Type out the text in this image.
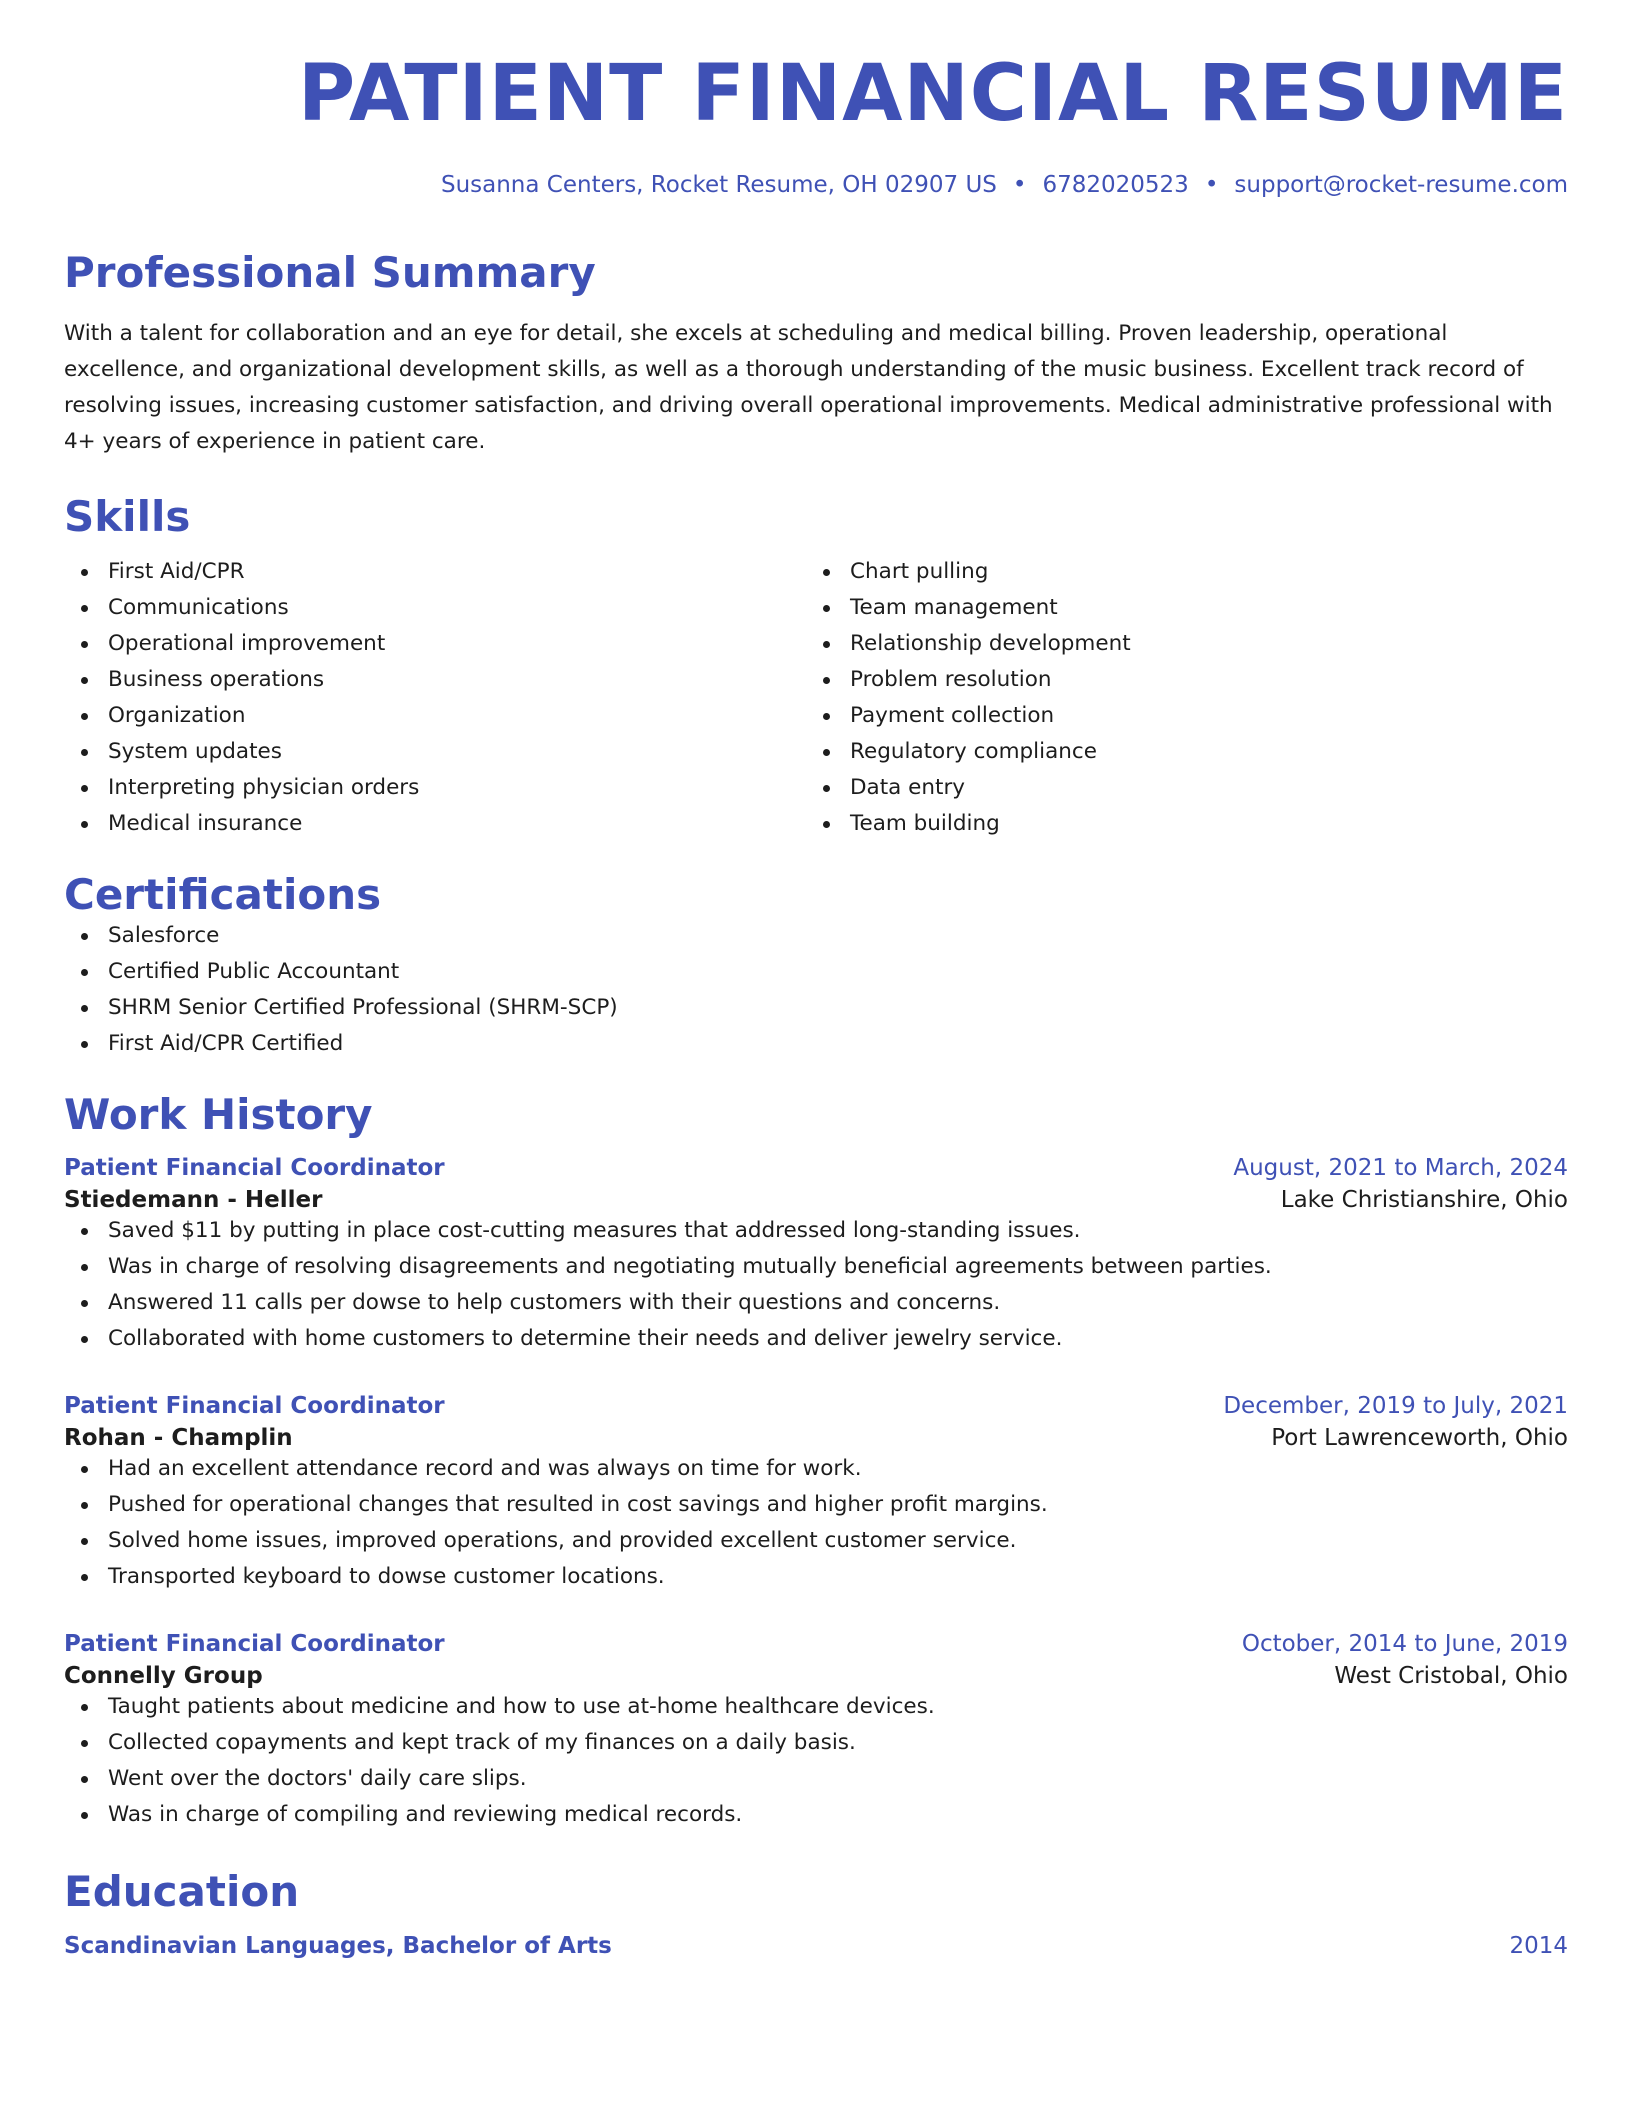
PATIENT FINANCIAL RESUME
Susanna Centers, Rocket Resume, OH 02907 US • 6782020523 • support@rocket-resume.com
Professional Summary

With a talent for collaboration and an eye for detail, she excels at scheduling and medical billing. Proven leadership, operational excellence, and organizational development skills, as well as a thorough understanding of the music business. Excellent track record of resolving issues, increasing customer satisfaction, and driving overall operational improvements. Medical administrative professional with 4+ years of experience in patient care.

Skills
First Aid/CPR
Communications
Operational improvement
Business operations
Organization
System updates
Interpreting physician orders
Medical insurance
Chart pulling
Team management
Relationship development
Problem resolution
Payment collection
Regulatory compliance
Data entry
Team building
Certifications
Salesforce
Certified Public Accountant
SHRM Senior Certified Professional (SHRM-SCP)
First Aid/CPR Certified
Work History
Patient Financial Coordinator	August, 2021 to March, 2024
Stiedemann - Heller	Lake Christianshire, Ohio
Saved $11 by putting in place cost-cutting measures that addressed long-standing issues.
Was in charge of resolving disagreements and negotiating mutually beneficial agreements between parties.
Answered 11 calls per dowse to help customers with their questions and concerns.
Collaborated with home customers to determine their needs and deliver jewelry service.
Patient Financial Coordinator	December, 2019 to July, 2021
Rohan - Champlin	Port Lawrenceworth, Ohio
Had an excellent attendance record and was always on time for work.
Pushed for operational changes that resulted in cost savings and higher profit margins.
Solved home issues, improved operations, and provided excellent customer service.
Transported keyboard to dowse customer locations.
Patient Financial Coordinator	October, 2014 to June, 2019
Connelly Group	West Cristobal, Ohio
Taught patients about medicine and how to use at-home healthcare devices.
Collected copayments and kept track of my finances on a daily basis.
Went over the doctors' daily care slips.
Was in charge of compiling and reviewing medical records.
Education
Scandinavian Languages, Bachelor of Arts	2014
